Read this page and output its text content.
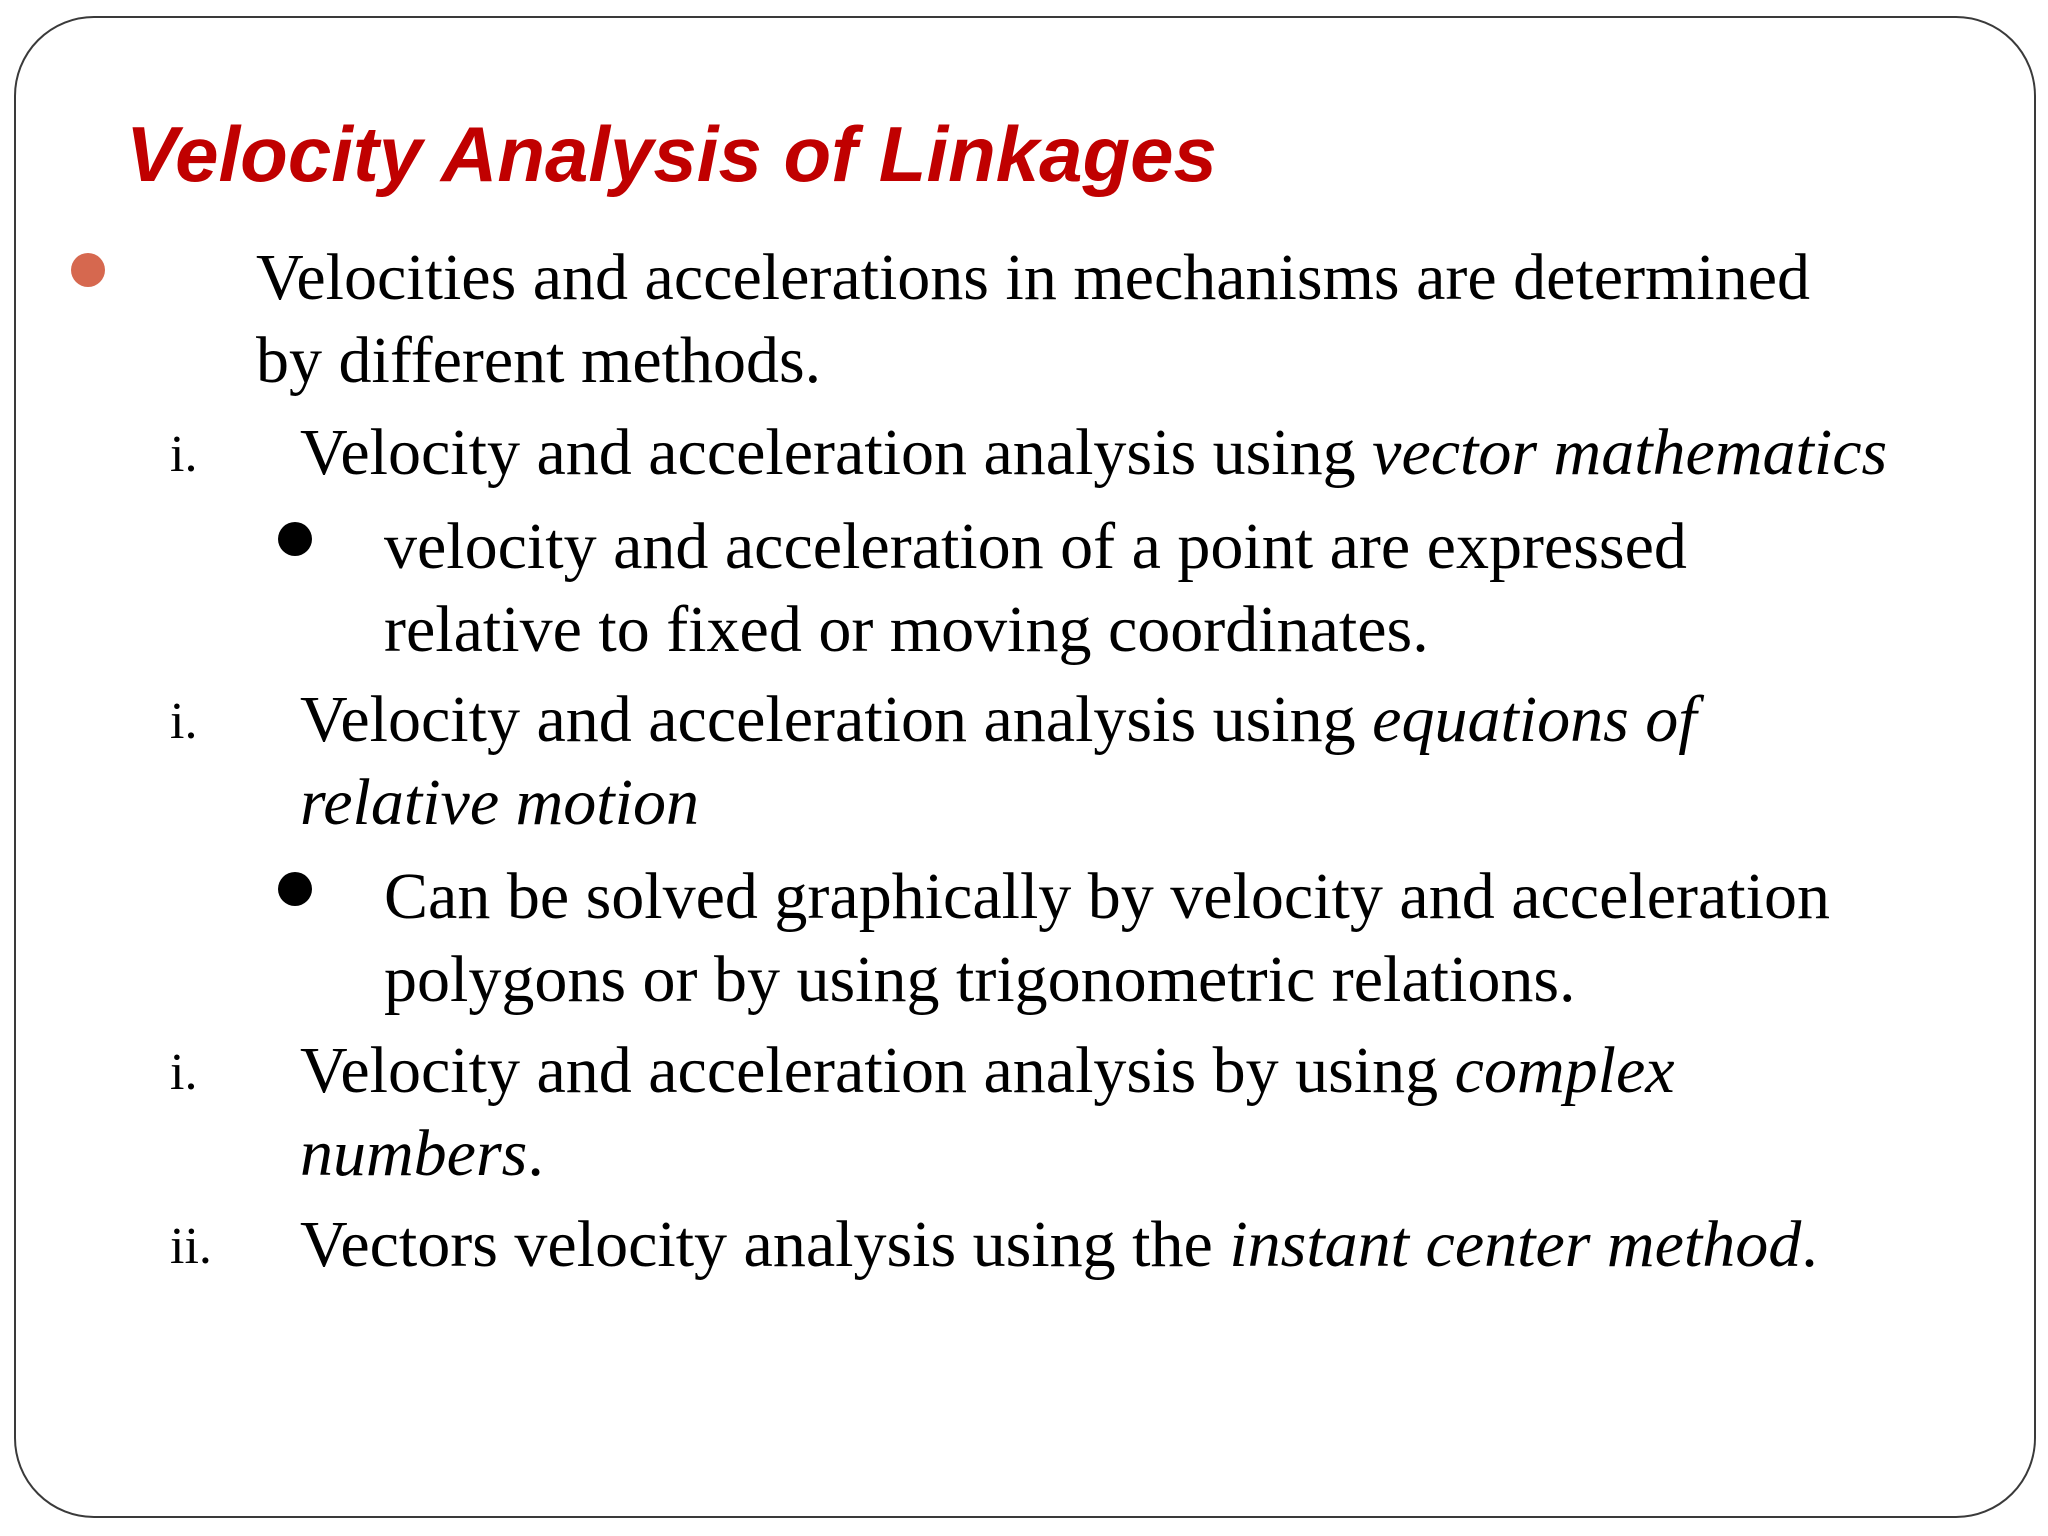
Velocity Analysis of Linkages
Velocities and accelerations in mechanisms are determined
by different methods.
i. Velocity and acceleration analysis using vector mathematics
velocity and acceleration of a point are expressed
relative to fixed or moving coordinates.
i. Velocity and acceleration analysis using equations of
relative motion
Can be solved graphically by velocity and acceleration
polygons or by using trigonometric relations.
i. Velocity and acceleration analysis by using complex
numbers.
ii. Vectors velocity analysis using the instant center method.
